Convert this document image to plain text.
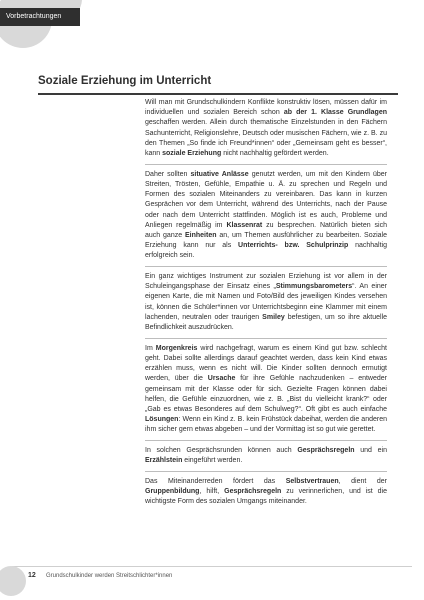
Vorbetrachtungen
Soziale Erziehung im Unterricht

Will man mit Grundschulkindern Konflikte konstruktiv lösen, müssen dafür im individuellen und sozialen Bereich schon ab der 1. Klasse Grundlagen geschaffen werden. Allein durch thematische Einzelstunden in den Fächern Sachunterricht, Religionslehre, Deutsch oder musischen Fächern, wie z. B. zu den Themen „So finde ich Freund*innen“ oder „Gemeinsam geht es besser“, kann soziale Erziehung nicht nachhaltig gefördert werden.

Daher sollten situative Anlässe genutzt werden, um mit den Kindern über Streiten, Trösten, Gefühle, Empathie u. Ä. zu sprechen und Regeln und Formen des sozialen Miteinanders zu vereinbaren. Das kann in kurzen Gesprächen vor dem Unterricht, während des Unterrichts, nach der Pause oder nach dem Unterricht stattfinden. Möglich ist es auch, Probleme und Anliegen regelmäßig im Klassenrat zu besprechen. Natürlich bieten sich auch ganze Einheiten an, um Themen ausführlicher zu bearbeiten. Soziale Erziehung kann nur als Unterrichts- bzw. Schulprinzip nachhaltig erfolgreich sein.

Ein ganz wichtiges Instrument zur sozialen Erziehung ist vor allem in der Schuleingangsphase der Einsatz eines „Stimmungsbarometers“. An einer eigenen Karte, die mit Namen und Foto/Bild des jeweiligen Kindes versehen ist, können die Schüler*innen vor Unterrichtsbeginn eine Klammer mit einem lachenden, neutralen oder traurigen Smiley befestigen, um so ihre aktuelle Befindlichkeit auszudrücken.

Im Morgenkreis wird nachgefragt, warum es einem Kind gut bzw. schlecht geht. Dabei sollte allerdings darauf geachtet werden, dass kein Kind etwas erzählen muss, wenn es nicht will. Die Kinder sollten dennoch ermutigt werden, über die Ursache für ihre Gefühle nachzudenken – entweder gemeinsam mit der Klasse oder für sich. Gezielte Fragen können dabei helfen, die Gefühle einzuordnen, wie z. B. „Bist du vielleicht krank?“ oder „Gab es etwas Besonderes auf dem Schulweg?“. Oft gibt es auch einfache Lösungen: Wenn ein Kind z. B. kein Frühstück dabeihat, werden die anderen ihm sicher gern etwas abgeben – und der Vormittag ist so gut wie gerettet.

In solchen Gesprächsrunden können auch Gesprächsregeln und ein Erzählstein eingeführt werden.

Das Miteinanderreden fördert das Selbstvertrauen, dient der Gruppenbildung, hilft, Gesprächsregeln zu verinnerlichen, und ist die wichtigste Form des sozialen Umgangs miteinander.

12 Grundschulkinder werden Streitschlichter*innen
